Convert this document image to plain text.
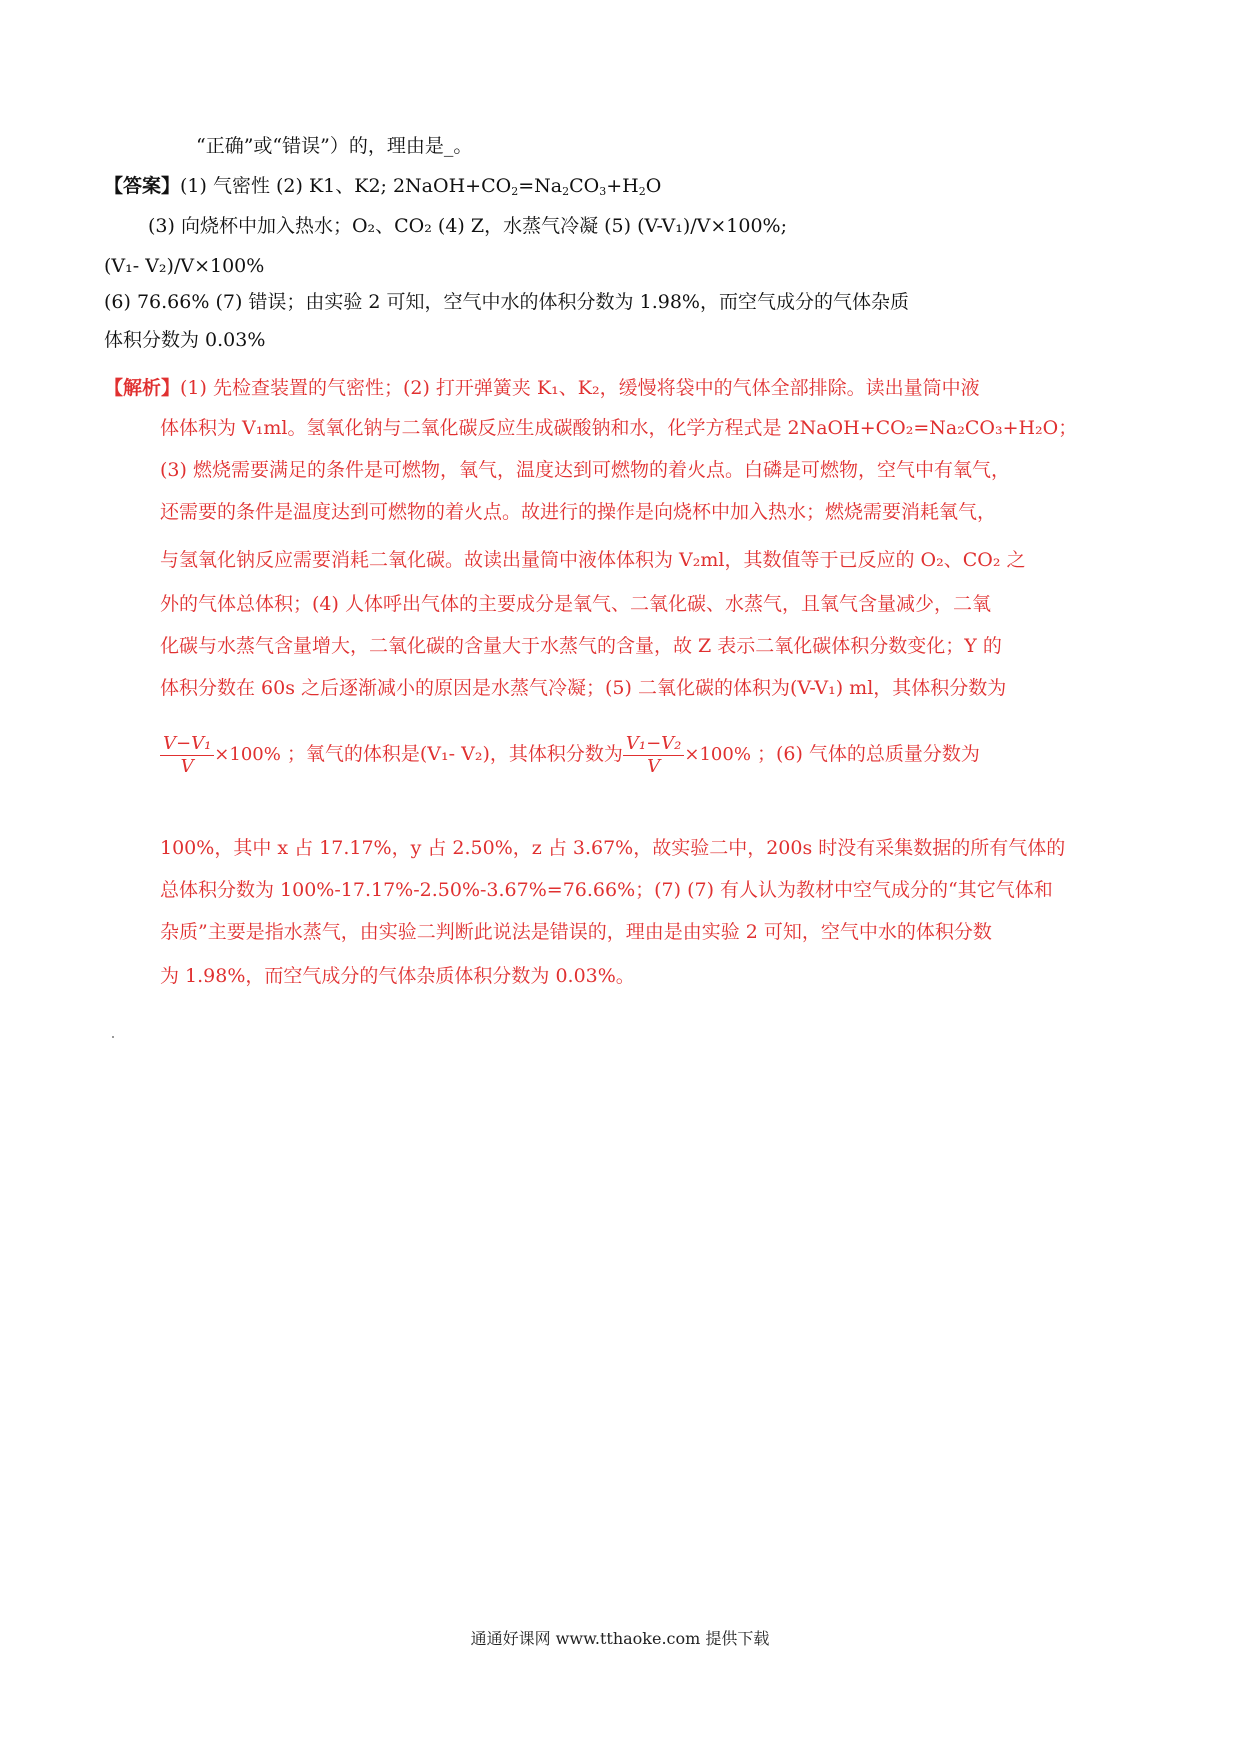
“正确”或“错误”）的，理由是_。
【答案】(1) 气密性 (2) K1、K2; $2NaOH+CO_2=Na_2CO_3+H_2O$
(3) 向烧杯中加入热水；O₂、CO₂ (4) Z，水蒸气冷凝 (5) (V-V₁)/V×100%;
(V₁- V₂)/V×100%
(6) 76.66% (7) 错误；由实验 2 可知，空气中水的体积分数为 1.98%，而空气成分的气体杂质
体积分数为 0.03%
【解析】(1) 先检查装置的气密性；(2) 打开弹簧夹 K₁、K₂，缓慢将袋中的气体全部排除。读出量筒中液
体体积为 V₁ml。氢氧化钠与二氧化碳反应生成碳酸钠和水，化学方程式是 2NaOH+CO₂=Na₂CO₃+H₂O；
(3) 燃烧需要满足的条件是可燃物，氧气，温度达到可燃物的着火点。白磷是可燃物，空气中有氧气，
还需要的条件是温度达到可燃物的着火点。故进行的操作是向烧杯中加入热水；燃烧需要消耗氧气，
与氢氧化钠反应需要消耗二氧化碳。故读出量筒中液体体积为 V₂ml，其数值等于已反应的 O₂、CO₂ 之
外的气体总体积；(4) 人体呼出气体的主要成分是氧气、二氧化碳、水蒸气，且氧气含量减少，二氧
化碳与水蒸气含量增大，二氧化碳的含量大于水蒸气的含量，故 Z 表示二氧化碳体积分数变化；Y 的
体积分数在 60s 之后逐渐减小的原因是水蒸气冷凝；(5) 二氧化碳的体积为(V-V₁) ml，其体积分数为
$\frac{\text{V−V₁}}{V} \times 100\%$ ；氧气的体积是(V₁- V₂)，其体积分数为 $\frac{\text{V₁−V₂}}{V} \times 100\%$ ；(6) 气体的总质量分数为
100%，其中 x 占 17.17%，y 占 2.50%，z 占 3.67%，故实验二中，200s 时没有采集数据的所有气体的
总体积分数为 100%-17.17%-2.50%-3.67%=76.66%；(7) (7) 有人认为教材中空气成分的“其它气体和
杂质”主要是指水蒸气，由实验二判断此说法是错误的，理由是由实验 2 可知，空气中水的体积分数
为 1.98%，而空气成分的气体杂质体积分数为 0.03%。
通通好课网 www.tthaoke.com 提供下载
